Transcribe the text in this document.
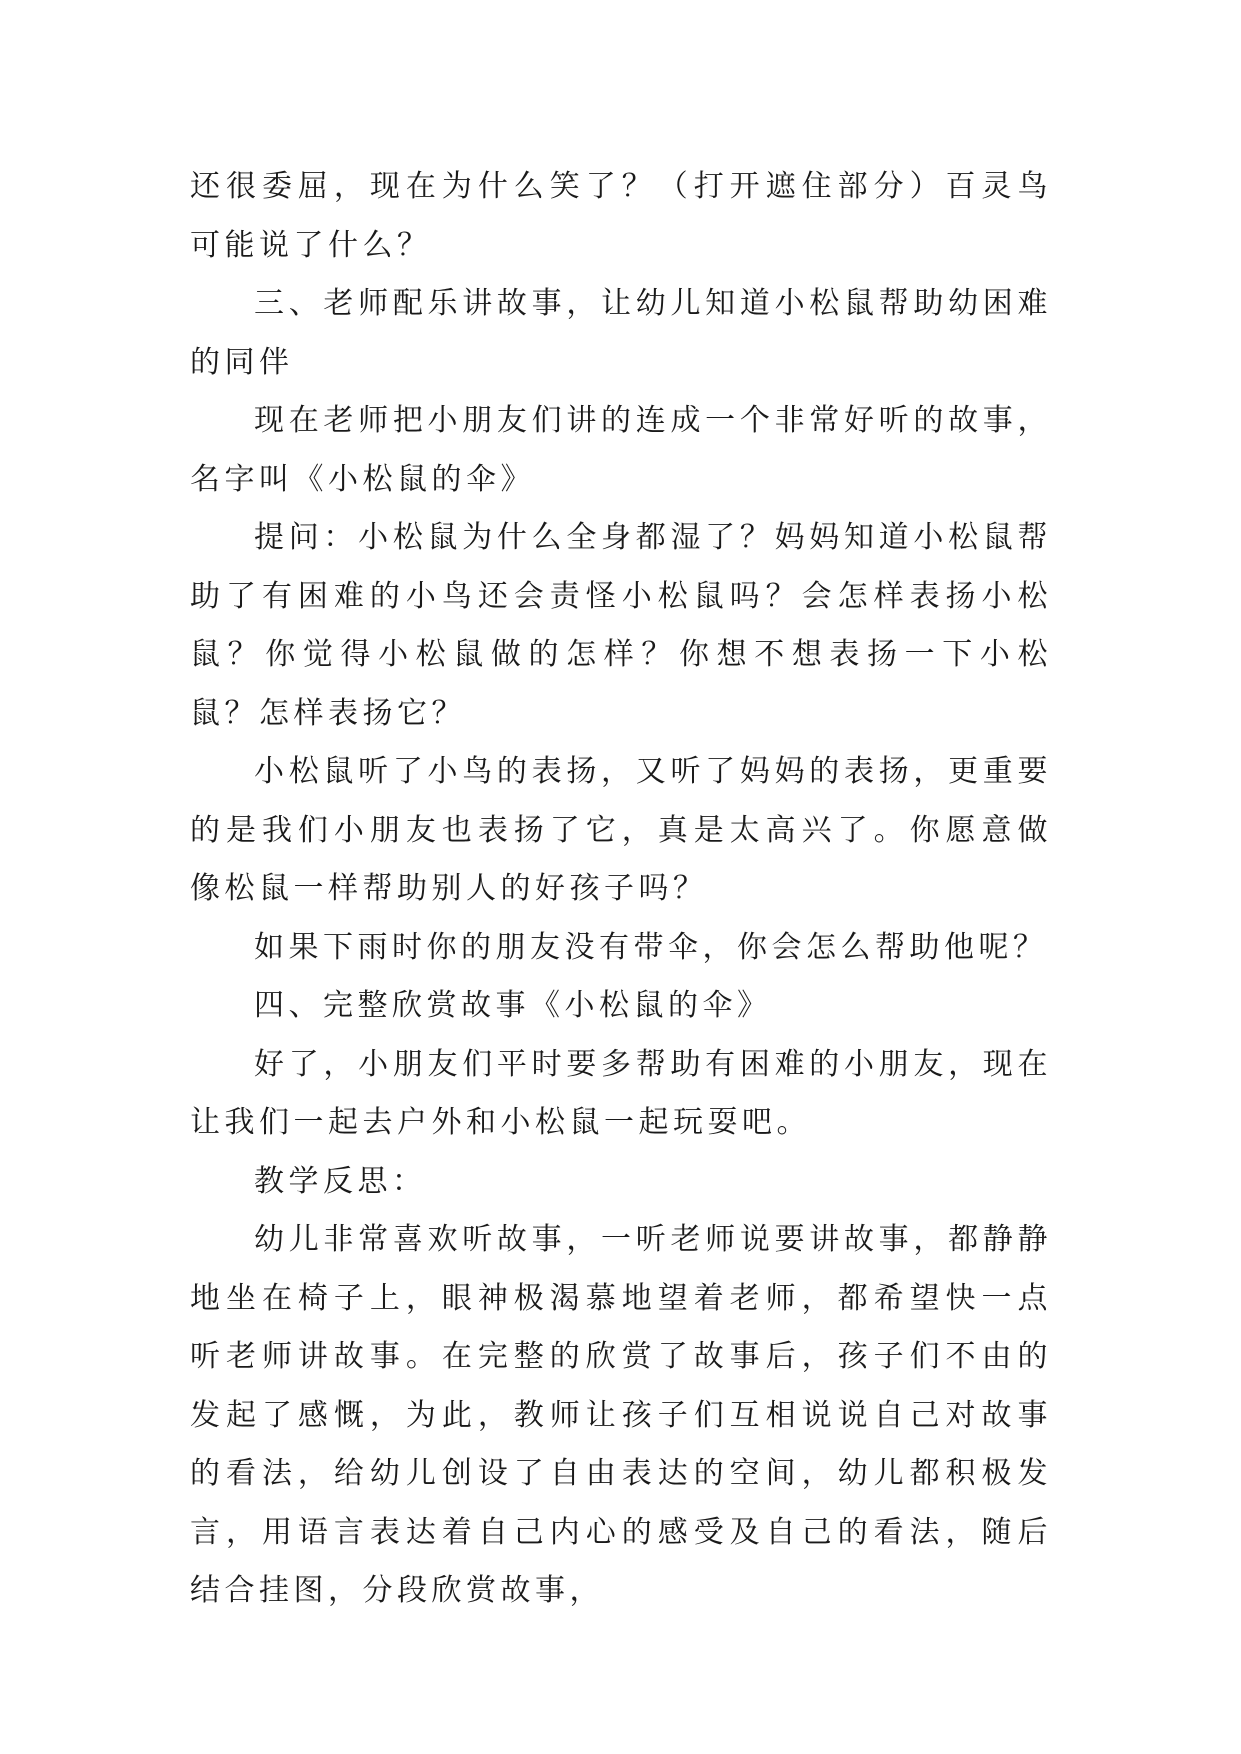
还很委屈，现在为什么笑了？（打开遮住部分）百灵鸟可能说了什么？

三、老师配乐讲故事，让幼儿知道小松鼠帮助幼困难的同伴

现在老师把小朋友们讲的连成一个非常好听的故事，名字叫《小松鼠的伞》

提问：小松鼠为什么全身都湿了？妈妈知道小松鼠帮助了有困难的小鸟还会责怪小松鼠吗？会怎样表扬小松鼠？你觉得小松鼠做的怎样？你想不想表扬一下小松鼠？怎样表扬它？

小松鼠听了小鸟的表扬，又听了妈妈的表扬，更重要的是我们小朋友也表扬了它，真是太高兴了。你愿意做像松鼠一样帮助别人的好孩子吗？

如果下雨时你的朋友没有带伞，你会怎么帮助他呢？

四、完整欣赏故事《小松鼠的伞》

好了，小朋友们平时要多帮助有困难的小朋友，现在让我们一起去户外和小松鼠一起玩耍吧。

教学反思：

幼儿非常喜欢听故事，一听老师说要讲故事，都静静地坐在椅子上，眼神极渴慕地望着老师，都希望快一点听老师讲故事。在完整的欣赏了故事后，孩子们不由的发起了感慨，为此，教师让孩子们互相说说自己对故事的看法，给幼儿创设了自由表达的空间，幼儿都积极发言，用语言表达着自己内心的感受及自己的看法，随后结合挂图，分段欣赏故事，
